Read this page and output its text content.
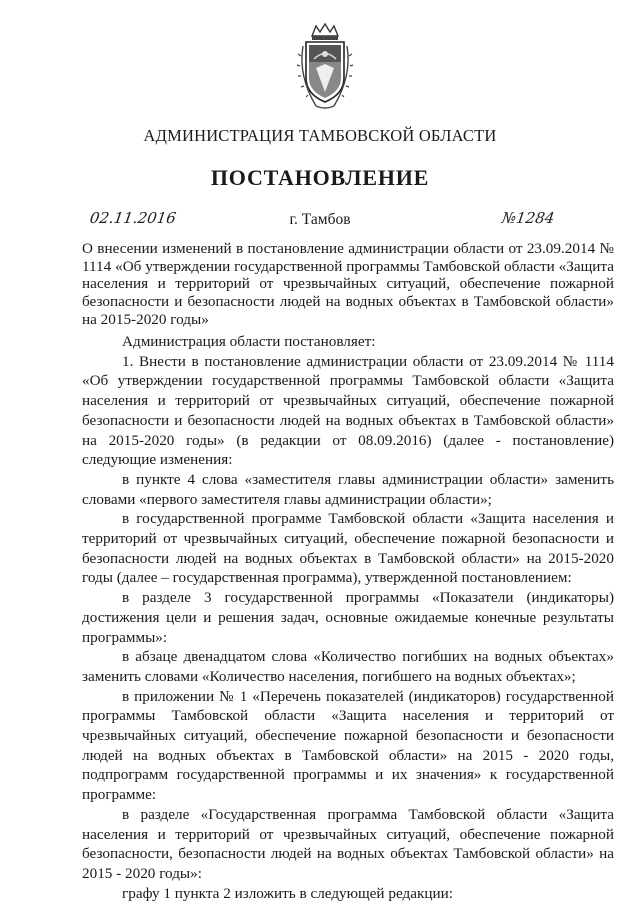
АДМИНИСТРАЦИЯ ТАМБОВСКОЙ ОБЛАСТИ
ПОСТАНОВЛЕНИЕ
02.11.2016	г. Тамбов	№1284
О внесении изменений в постановление администрации области от 23.09.2014 № 1114 «Об утверждении государственной программы Тамбовской области «Защита населения и территорий от чрезвычайных ситуаций, обеспечение пожарной безопасности и безопасности людей на водных объектах в Тамбовской области» на 2015-2020 годы»

Администрация области постановляет:

1. Внести в постановление администрации области от 23.09.2014 № 1114 «Об утверждении государственной программы Тамбовской области «Защита населения и территорий от чрезвычайных ситуаций, обеспечение пожарной безопасности и безопасности людей на водных объектах в Тамбовской области» на 2015-2020 годы» (в редакции от 08.09.2016) (далее - постановление) следующие изменения:

в пункте 4 слова «заместителя главы администрации области» заменить словами «первого заместителя главы администрации области»;

в государственной программе Тамбовской области «Защита населения и территорий от чрезвычайных ситуаций, обеспечение пожарной безопасности и безопасности людей на водных объектах в Тамбовской области» на 2015-2020 годы (далее – государственная программа), утвержденной постановлением:

в разделе 3 государственной программы «Показатели (индикаторы) достижения цели и решения задач, основные ожидаемые конечные результаты программы»:

в абзаце двенадцатом слова «Количество погибших на водных объектах» заменить словами «Количество населения, погибшего на водных объектах»;

в приложении № 1 «Перечень показателей (индикаторов) государственной программы Тамбовской области «Защита населения и территорий от чрезвычайных ситуаций, обеспечение пожарной безопасности и безопасности людей на водных объектах в Тамбовской области» на 2015 - 2020 годы, подпрограмм государственной программы и их значения» к государственной программе:

в разделе «Государственная программа Тамбовской области «Защита населения и территорий от чрезвычайных ситуаций, обеспечение пожарной безопасности, безопасности людей на водных объектах Тамбовской области» на 2015 - 2020 годы»:

графу 1 пункта 2 изложить в следующей редакции:
